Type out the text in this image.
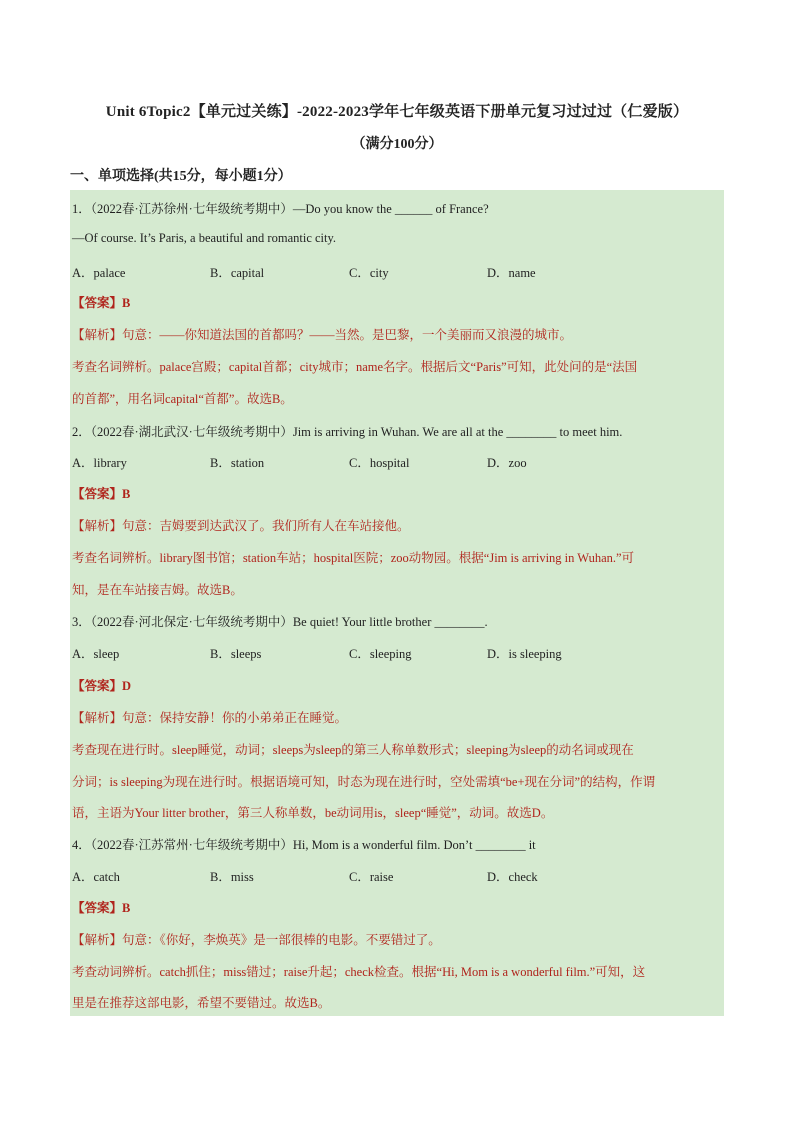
Unit 6Topic2【单元过关练】-2022-2023学年七年级英语下册单元复习过过过（仁爱版）
（满分100分）
一、单项选择(共15分，每小题1分）
1．（2022春·江苏徐州·七年级统考期中）—Do you know the ______ of France?
—Of course. It’s Paris, a beautiful and romantic city.
A．palace	B．capital	C．city	D．name
【答案】B
【解析】句意：——你知道法国的首都吗？——当然。是巴黎，一个美丽而又浪漫的城市。
考查名词辨析。palace宫殿；capital首都；city城市；name名字。根据后文“Paris”可知，此处问的是“法国
的首都”，用名词capital“首都”。故选B。
2．（2022春·湖北武汉·七年级统考期中）Jim is arriving in Wuhan. We are all at the ________ to meet him.
A．library	B．station	C．hospital	D．zoo
【答案】B
【解析】句意：吉姆要到达武汉了。我们所有人在车站接他。
考查名词辨析。library图书馆；station车站；hospital医院；zoo动物园。根据“Jim is arriving in Wuhan.”可
知，是在车站接吉姆。故选B。
3．（2022春·河北保定·七年级统考期中）Be quiet! Your little brother ________.
A．sleep	B．sleeps	C．sleeping	D．is sleeping
【答案】D
【解析】句意：保持安静！你的小弟弟正在睡觉。
考查现在进行时。sleep睡觉，动词；sleeps为sleep的第三人称单数形式；sleeping为sleep的动名词或现在
分词；is sleeping为现在进行时。根据语境可知，时态为现在进行时，空处需填“be+现在分词”的结构，作谓
语，主语为Your litter brother，第三人称单数，be动词用is，sleep“睡觉”，动词。故选D。
4．（2022春·江苏常州·七年级统考期中）Hi, Mom is a wonderful film. Don’t ________ it
A．catch	B．miss	C．raise	D．check
【答案】B
【解析】句意：《你好，李焕英》是一部很棒的电影。不要错过了。
考查动词辨析。catch抓住；miss错过；raise升起；check检查。根据“Hi, Mom is a wonderful film.”可知，这
里是在推荐这部电影，希望不要错过。故选B。
